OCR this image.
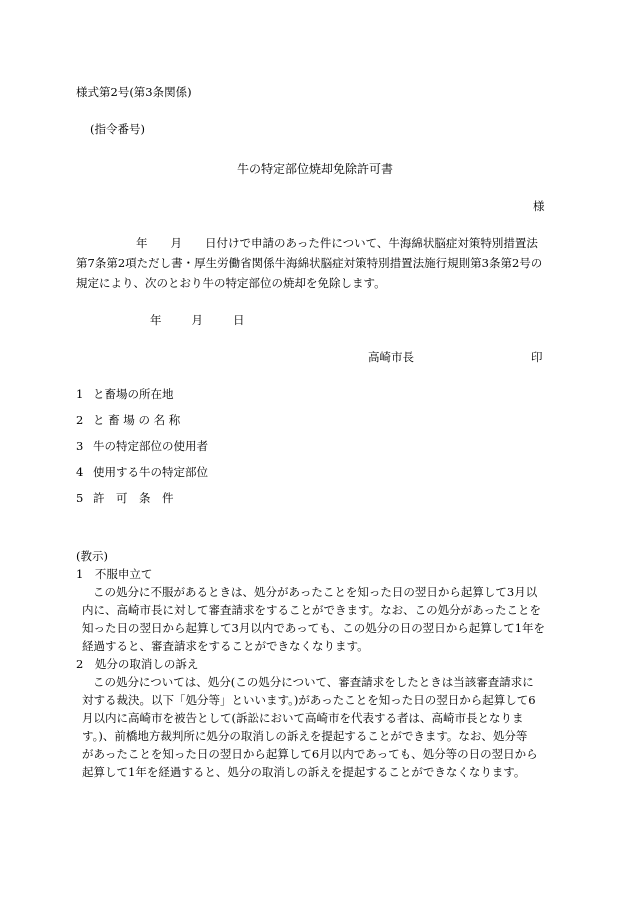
様式第2号(第3条関係)
(指令番号)
牛の特定部位焼却免除許可書
様
年　　月　　日付けで申請のあった件について、牛海綿状脳症対策特別措置法
第7条第2項ただし書・厚生労働省関係牛海綿状脳症対策特別措置法施行規則第3条第2号の
規定により、次のとおり牛の特定部位の焼却を免除します。
年	月	日
高崎市長	印
1 と畜場の所在地
2 と 畜 場 の 名 称
3 牛の特定部位の使用者
4 使用する牛の特定部位
5 許　可　条　件
(教示)
1　不服申立て
この処分に不服があるときは、処分があったことを知った日の翌日から起算して3月以
内に、高崎市長に対して審査請求をすることができます。なお、この処分があったことを
知った日の翌日から起算して3月以内であっても、この処分の日の翌日から起算して1年を
経過すると、審査請求をすることができなくなります。
2　処分の取消しの訴え
この処分については、処分(この処分について、審査請求をしたときは当該審査請求に
対する裁決。以下「処分等」といいます。)があったことを知った日の翌日から起算して6
月以内に高崎市を被告として(訴訟において高崎市を代表する者は、高崎市長となりま
す。)、前橋地方裁判所に処分の取消しの訴えを提起することができます。なお、処分等
があったことを知った日の翌日から起算して6月以内であっても、処分等の日の翌日から
起算して1年を経過すると、処分の取消しの訴えを提起することができなくなります。
